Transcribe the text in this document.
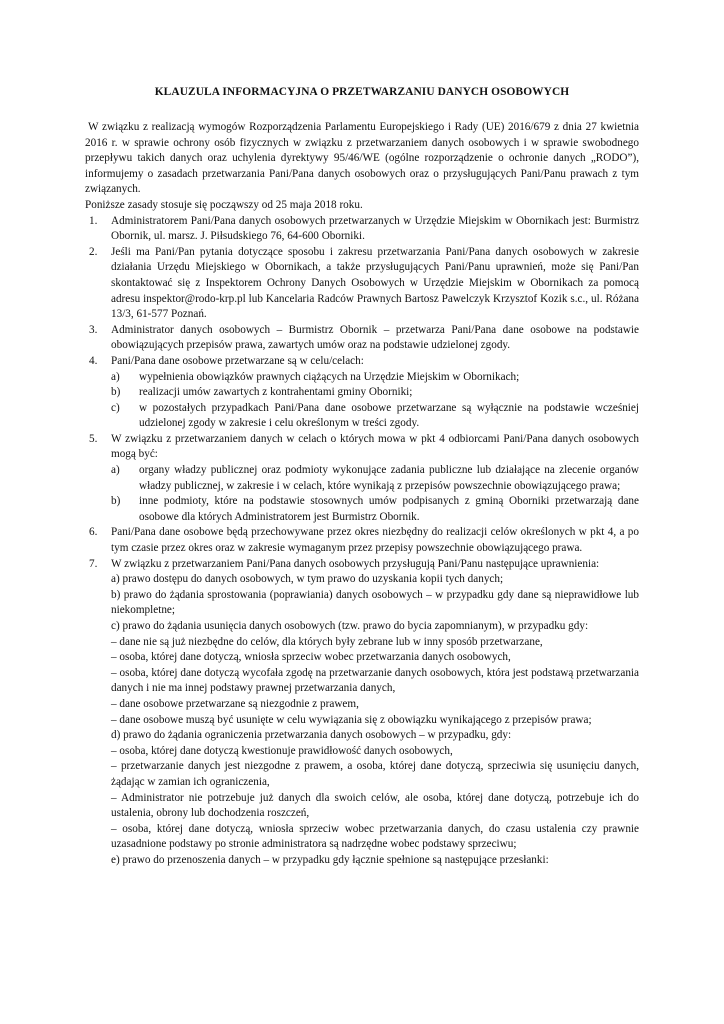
KLAUZULA INFORMACYJNA O PRZETWARZANIU DANYCH OSOBOWYCH

W związku z realizacją wymogów Rozporządzenia Parlamentu Europejskiego i Rady (UE) 2016/679 z dnia 27 kwietnia 2016 r. w sprawie ochrony osób fizycznych w związku z przetwarzaniem danych osobowych i w sprawie swobodnego przepływu takich danych oraz uchylenia dyrektywy 95/46/WE (ogólne rozporządzenie o ochronie danych „RODO”), informujemy o zasadach przetwarzania Pani/Pana danych osobowych oraz o przysługujących Pani/Panu prawach z tym związanych.

Poniższe zasady stosuje się począwszy od 25 maja 2018 roku.

1. Administratorem Pani/Pana danych osobowych przetwarzanych w Urzędzie Miejskim w Obornikach jest: Burmistrz Obornik, ul. marsz. J. Piłsudskiego 76, 64-600 Oborniki.
2. Jeśli ma Pani/Pan pytania dotyczące sposobu i zakresu przetwarzania Pani/Pana danych osobowych w zakresie działania Urzędu Miejskiego w Obornikach, a także przysługujących Pani/Panu uprawnień, może się Pani/Pan skontaktować się z Inspektorem Ochrony Danych Osobowych w Urzędzie Miejskim w Obornikach za pomocą adresu inspektor@rodo-krp.pl lub Kancelaria Radców Prawnych Bartosz Pawelczyk Krzysztof Kozik s.c., ul. Różana 13/3, 61-577 Poznań.
3. Administrator danych osobowych – Burmistrz Obornik – przetwarza Pani/Pana dane osobowe na podstawie obowiązujących przepisów prawa, zawartych umów oraz na podstawie udzielonej zgody.
4. Pani/Pana dane osobowe przetwarzane są w celu/celach:
a) wypełnienia obowiązków prawnych ciążących na Urzędzie Miejskim w Obornikach;
b) realizacji umów zawartych z kontrahentami gminy Oborniki;
c) w pozostałych przypadkach Pani/Pana dane osobowe przetwarzane są wyłącznie na podstawie wcześniej udzielonej zgody w zakresie i celu określonym w treści zgody.
5. W związku z przetwarzaniem danych w celach o których mowa w pkt 4 odbiorcami Pani/Pana danych osobowych mogą być:
a) organy władzy publicznej oraz podmioty wykonujące zadania publiczne lub działające na zlecenie organów władzy publicznej, w zakresie i w celach, które wynikają z przepisów powszechnie obowiązującego prawa;
b) inne podmioty, które na podstawie stosownych umów podpisanych z gminą Oborniki przetwarzają dane osobowe dla których Administratorem jest Burmistrz Obornik.
6. Pani/Pana dane osobowe będą przechowywane przez okres niezbędny do realizacji celów określonych w pkt 4, a po tym czasie przez okres oraz w zakresie wymaganym przez przepisy powszechnie obowiązującego prawa.
7. W związku z przetwarzaniem Pani/Pana danych osobowych przysługują Pani/Panu następujące uprawnienia:
a) prawo dostępu do danych osobowych, w tym prawo do uzyskania kopii tych danych;
b) prawo do żądania sprostowania (poprawiania) danych osobowych – w przypadku gdy dane są nieprawidłowe lub niekompletne;
c) prawo do żądania usunięcia danych osobowych (tzw. prawo do bycia zapomnianym), w przypadku gdy:
– dane nie są już niezbędne do celów, dla których były zebrane lub w inny sposób przetwarzane,
– osoba, której dane dotyczą, wniosła sprzeciw wobec przetwarzania danych osobowych,
– osoba, której dane dotyczą wycofała zgodę na przetwarzanie danych osobowych, która jest podstawą przetwarzania danych i nie ma innej podstawy prawnej przetwarzania danych,
– dane osobowe przetwarzane są niezgodnie z prawem,
– dane osobowe muszą być usunięte w celu wywiązania się z obowiązku wynikającego z przepisów prawa;
d) prawo do żądania ograniczenia przetwarzania danych osobowych – w przypadku, gdy:
– osoba, której dane dotyczą kwestionuje prawidłowość danych osobowych,
– przetwarzanie danych jest niezgodne z prawem, a osoba, której dane dotyczą, sprzeciwia się usunięciu danych, żądając w zamian ich ograniczenia,
– Administrator nie potrzebuje już danych dla swoich celów, ale osoba, której dane dotyczą, potrzebuje ich do ustalenia, obrony lub dochodzenia roszczeń,
– osoba, której dane dotyczą, wniosła sprzeciw wobec przetwarzania danych, do czasu ustalenia czy prawnie uzasadnione podstawy po stronie administratora są nadrzędne wobec podstawy sprzeciwu;
e) prawo do przenoszenia danych – w przypadku gdy łącznie spełnione są następujące przesłanki:
